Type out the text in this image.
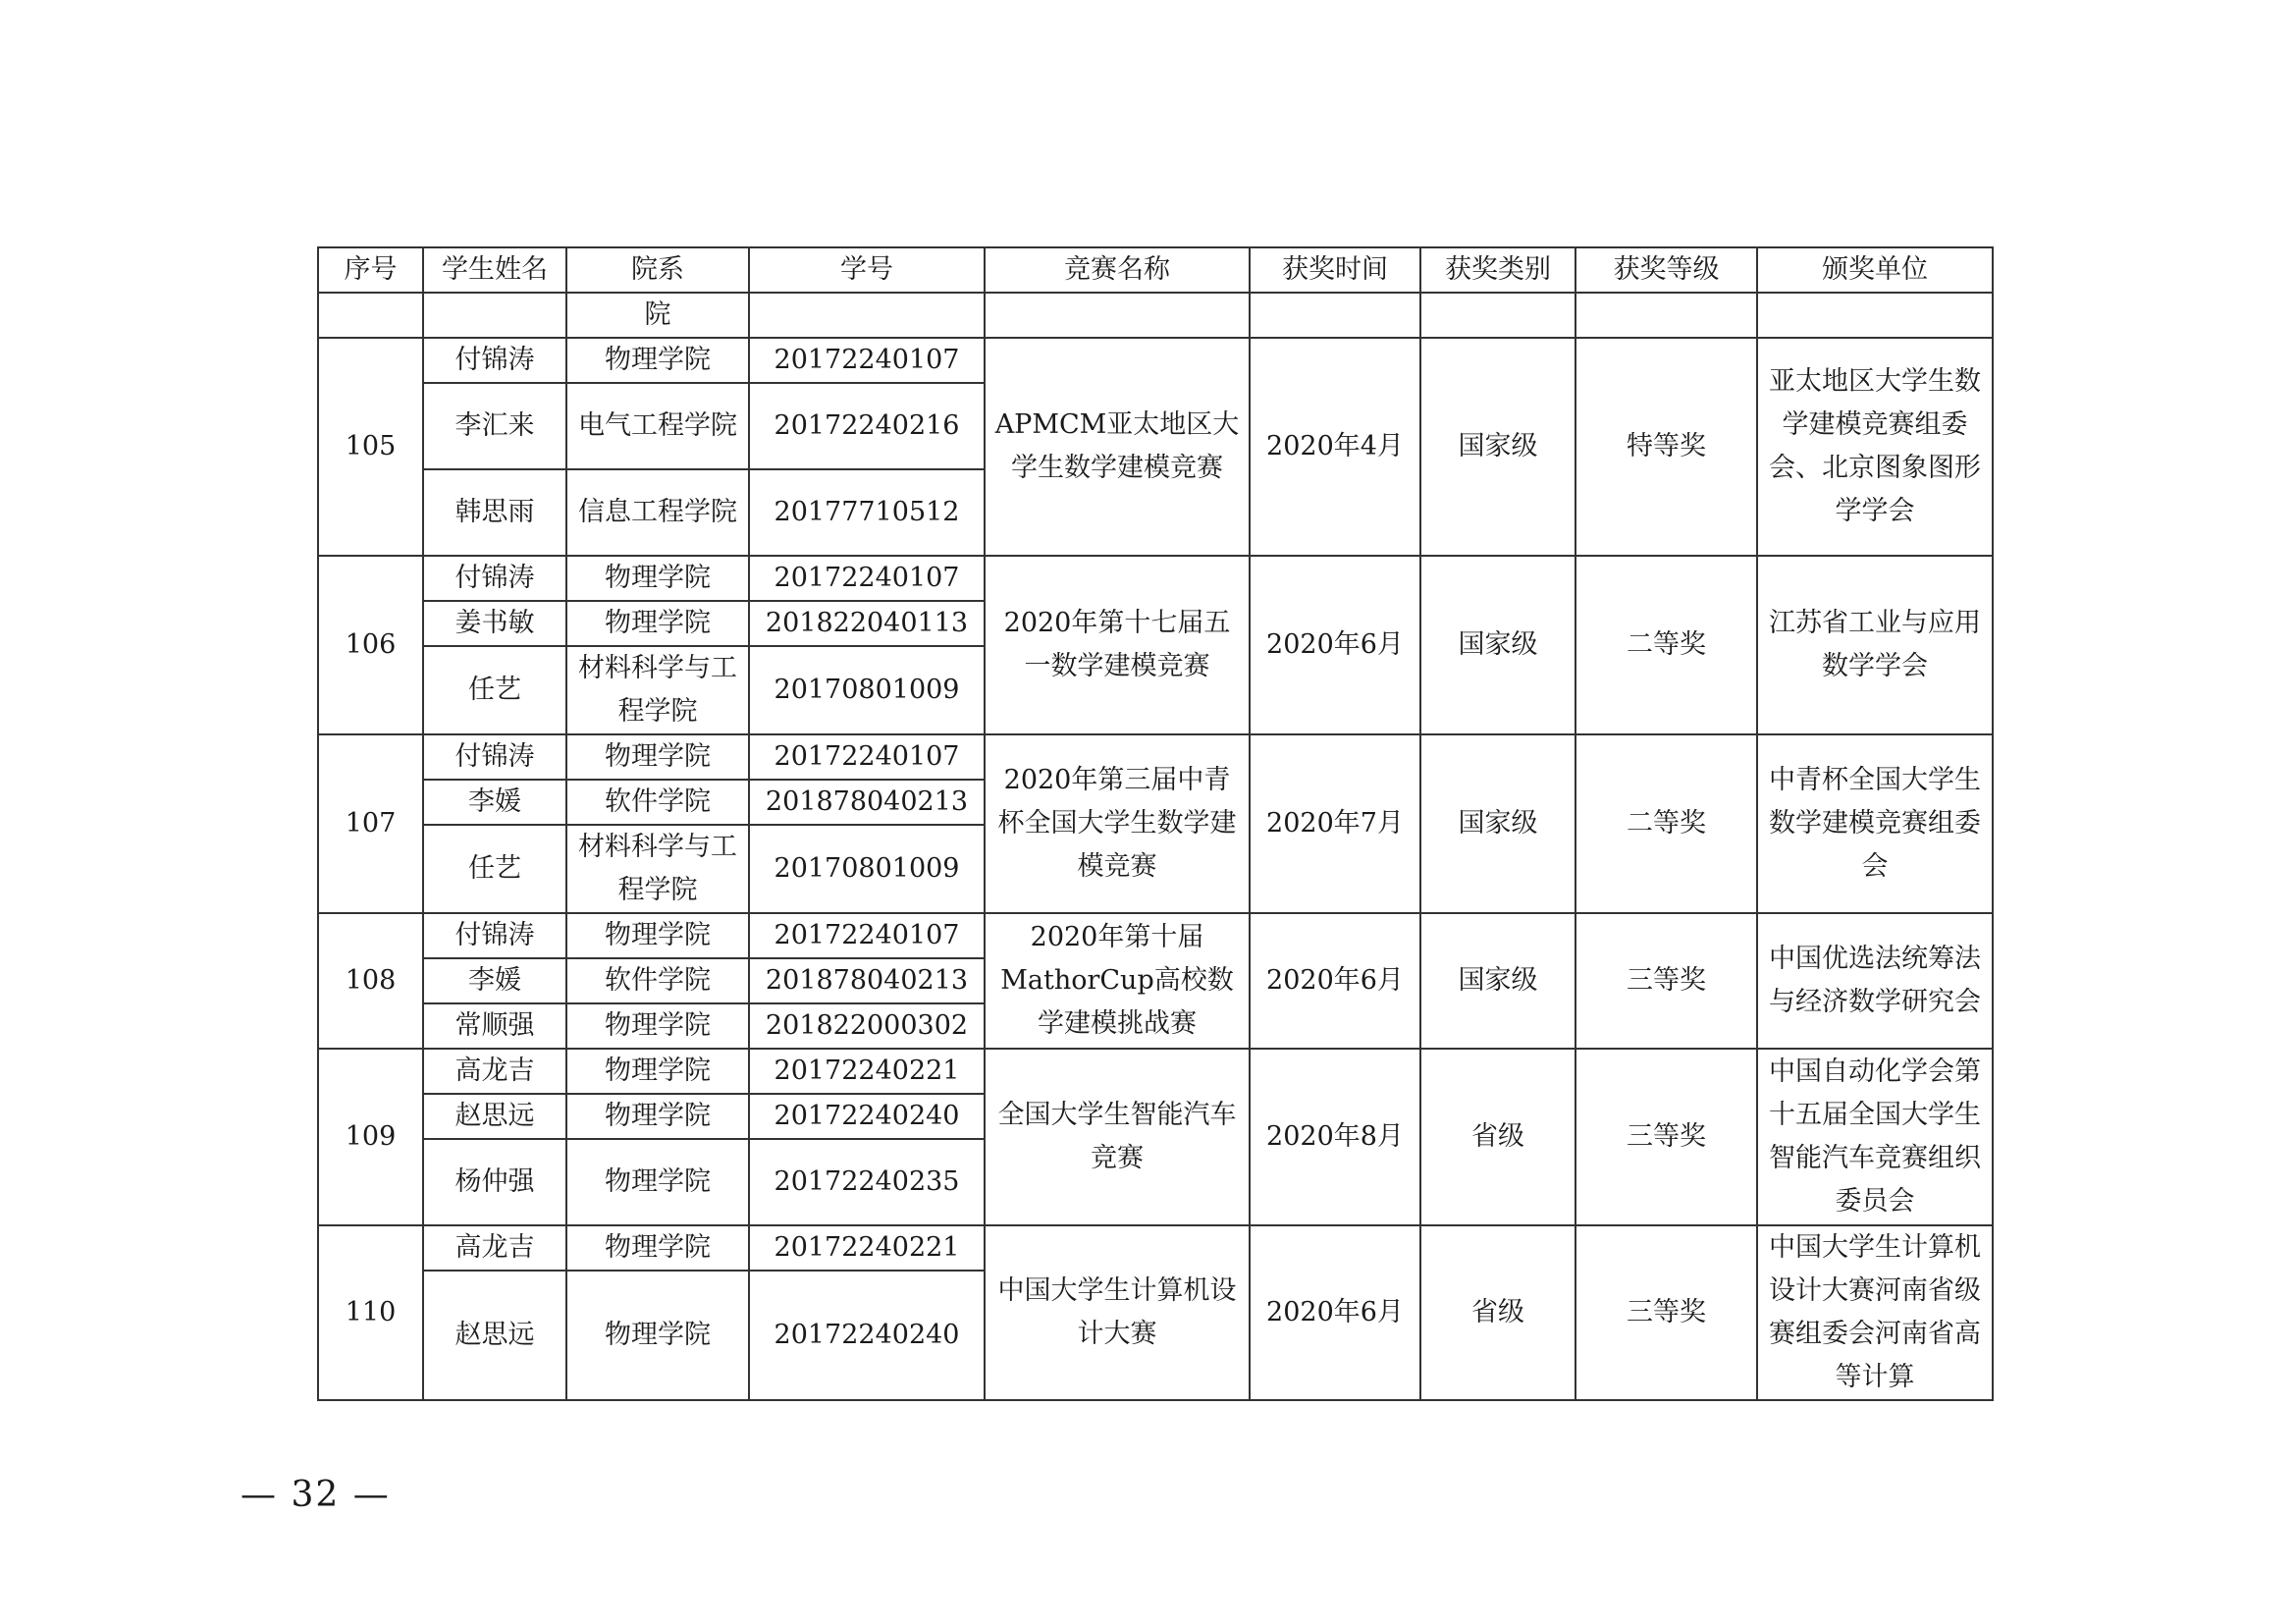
序号	学生姓名	院系	学号	竞赛名称	获奖时间	获奖类别	获奖等级	颁奖单位
		院						
105	付锦涛	物理学院	20172240107	APMCM亚太地区大学生数学建模竞赛	2020年4月	国家级	特等奖	亚太地区大学生数学建模竞赛组委会、北京图象图形学学会
	李汇来	电气工程学院	20172240216					
	韩思雨	信息工程学院	20177710512					
106	付锦涛	物理学院	20172240107	2020年第十七届五一数学建模竞赛	2020年6月	国家级	二等奖	江苏省工业与应用数学学会
	姜书敏	物理学院	201822040113					
	任艺	材料科学与工程学院	20170801009					
107	付锦涛	物理学院	20172240107	2020年第三届中青杯全国大学生数学建模竞赛	2020年7月	国家级	二等奖	中青杯全国大学生数学建模竞赛组委会
	李媛	软件学院	201878040213					
	任艺	材料科学与工程学院	20170801009					
108	付锦涛	物理学院	20172240107	2020年第十届MathorCup高校数学建模挑战赛	2020年6月	国家级	三等奖	中国优选法统筹法与经济数学研究会
	李媛	软件学院	201878040213					
	常顺强	物理学院	201822000302					
109	高龙吉	物理学院	20172240221	全国大学生智能汽车竞赛	2020年8月	省级	三等奖	中国自动化学会第十五届全国大学生智能汽车竞赛组织委员会
	赵思远	物理学院	20172240240					
	杨仲强	物理学院	20172240235					
110	高龙吉	物理学院	20172240221	中国大学生计算机设计大赛	2020年6月	省级	三等奖	中国大学生计算机设计大赛河南省级赛组委会河南省高等计算
	赵思远	物理学院	20172240240					
— 32 —
